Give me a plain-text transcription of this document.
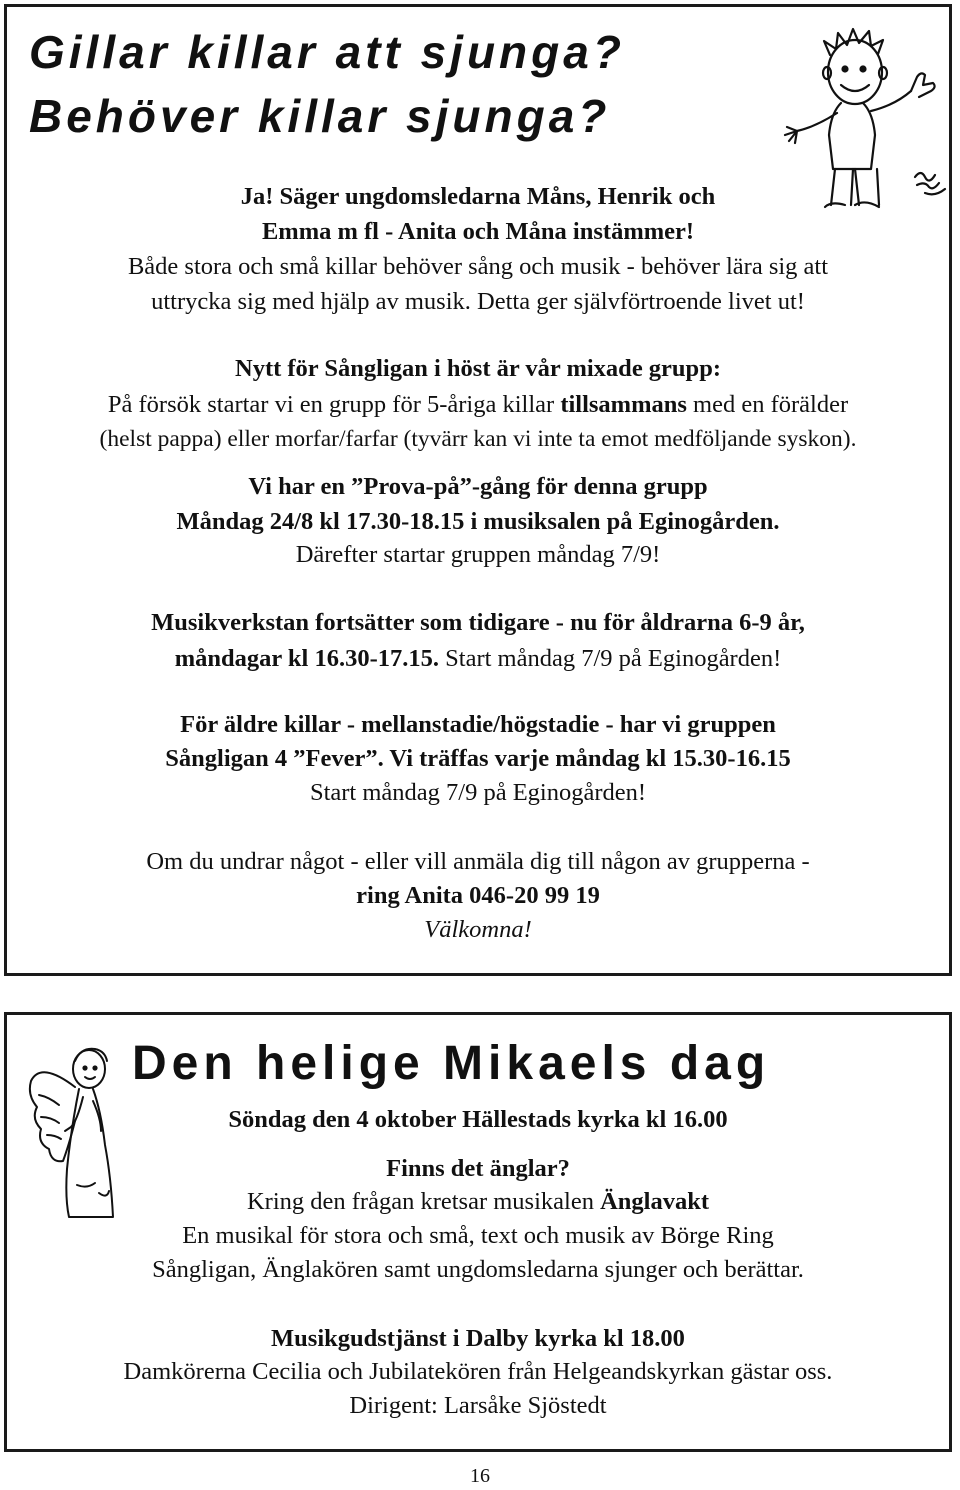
Gillar killar att sjunga?

Behöver killar sjunga?

Ja! Säger ungdomsledarna Måns, Henrik och
Emma m fl - Anita och Måna instämmer!
Både stora och små killar behöver sång och musik - behöver lära sig att
uttrycka sig med hjälp av musik. Detta ger självförtroende livet ut!
Nytt för Sångligan i höst är vår mixade grupp:
På försök startar vi en grupp för 5-åriga killar tillsammans med en förälder
(helst pappa) eller morfar/farfar (tyvärr kan vi inte ta emot medföljande syskon).
Vi har en ”Prova-på”-gång för denna grupp
Måndag 24/8 kl 17.30-18.15 i musiksalen på Eginogården.
Därefter startar gruppen måndag 7/9!
Musikverkstan fortsätter som tidigare - nu för åldrarna 6-9 år,
måndagar kl 16.30-17.15. Start måndag 7/9 på Eginogården!
För äldre killar - mellanstadie/högstadie - har vi gruppen
Sångligan 4 ”Fever”. Vi träffas varje måndag kl 15.30-16.15
Start måndag 7/9 på Eginogården!
Om du undrar något - eller vill anmäla dig till någon av grupperna -
ring Anita 046-20 99 19
Välkomna!

Den helige Mikaels dag

Söndag den 4 oktober Hällestads kyrka kl 16.00
Finns det änglar?
Kring den frågan kretsar musikalen Änglavakt
En musikal för stora och små, text och musik av Börge Ring
Sångligan, Änglakören samt ungdomsledarna sjunger och berättar.
Musikgudstjänst i Dalby kyrka kl 18.00
Damkörerna Cecilia och Jubilatekören från Helgeandskyrkan gästar oss.
Dirigent: Larsåke Sjöstedt
16
